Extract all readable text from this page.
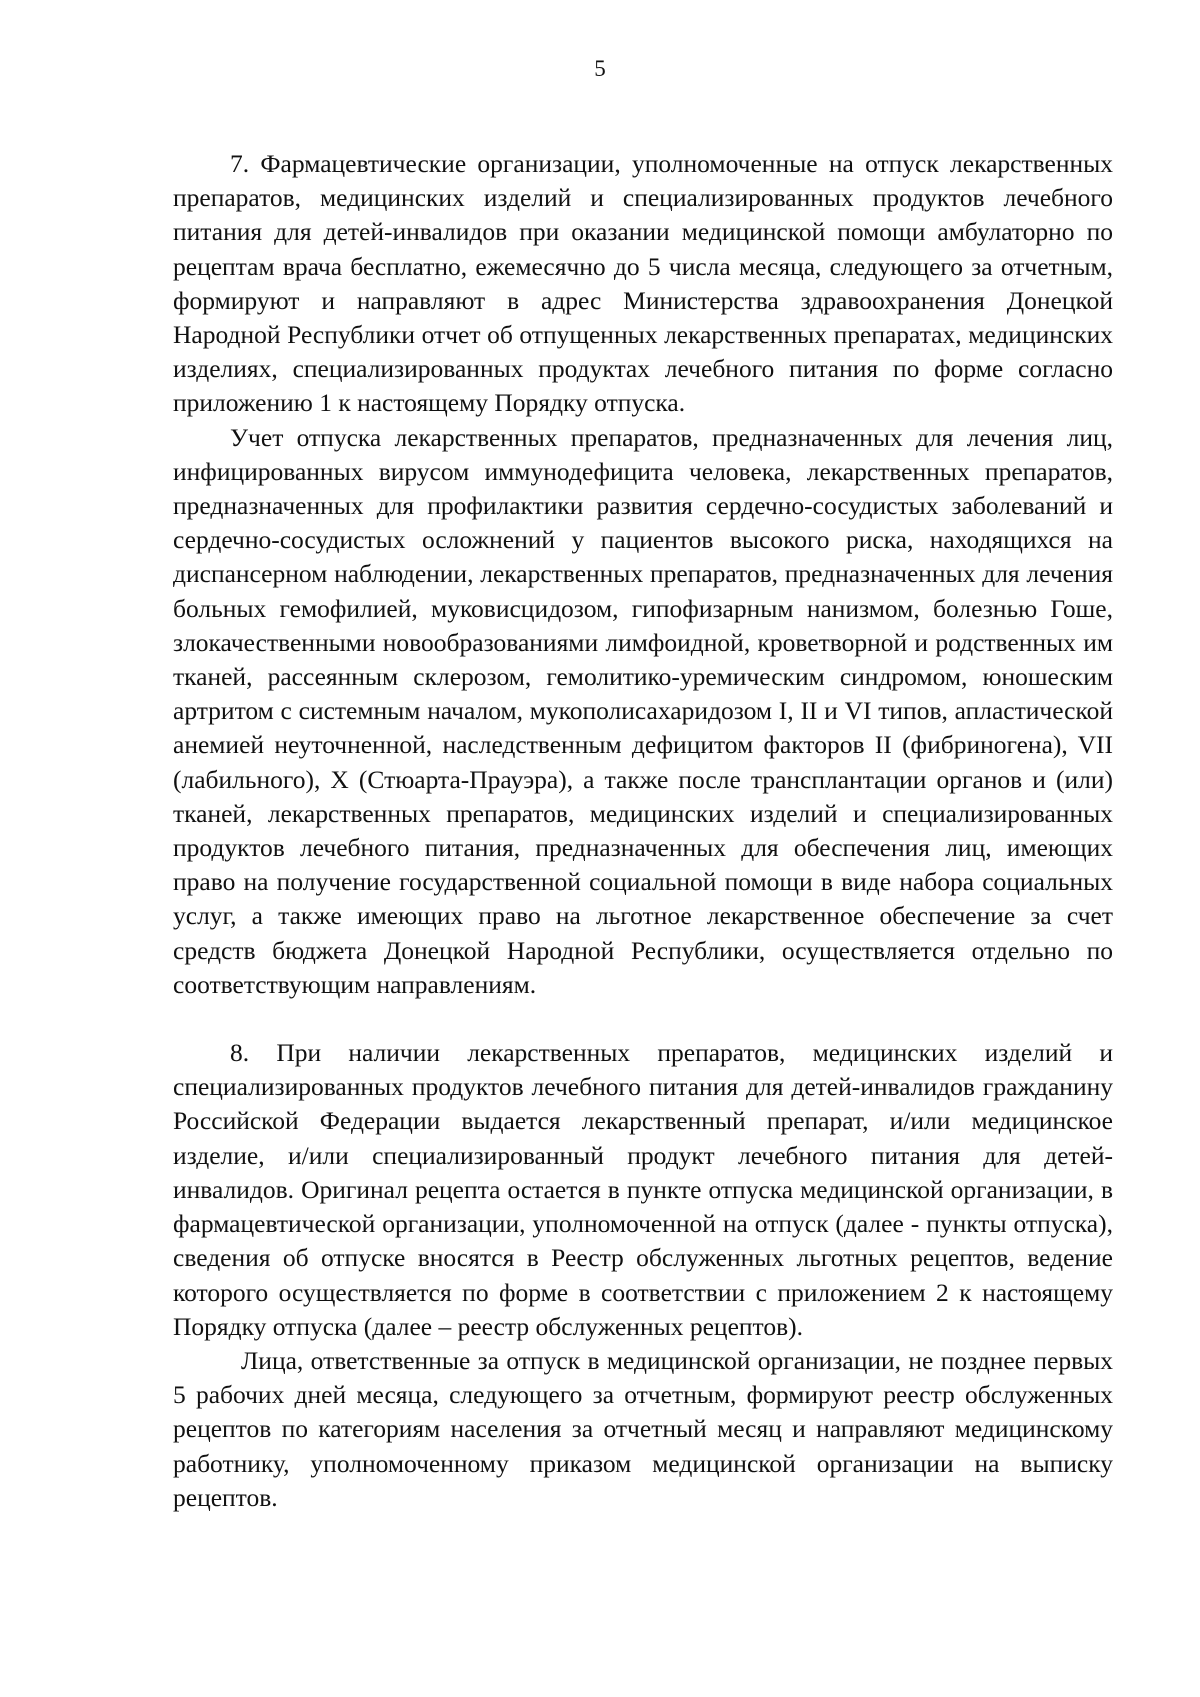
5

7. Фармацевтические организации, уполномоченные на отпуск лекарственных препаратов, медицинских изделий и специализированных продуктов лечебного питания для детей-инвалидов при оказании медицинской помощи амбулаторно по рецептам врача бесплатно, ежемесячно до 5 числа месяца, следующего за отчетным, формируют и направляют в адрес Министерства здравоохранения Донецкой Народной Республики отчет об отпущенных лекарственных препаратах, медицинских изделиях, специализированных продуктах лечебного питания по форме согласно приложению 1 к настоящему Порядку отпуска.

Учет отпуска лекарственных препаратов, предназначенных для лечения лиц, инфицированных вирусом иммунодефицита человека, лекарственных препаратов, предназначенных для профилактики развития сердечно-сосудистых заболеваний и сердечно-сосудистых осложнений у пациентов высокого риска, находящихся на диспансерном наблюдении, лекарственных препаратов, предназначенных для лечения больных гемофилией, муковисцидозом, гипофизарным нанизмом, болезнью Гоше, злокачественными новообразованиями лимфоидной, кроветворной и родственных им тканей, рассеянным склерозом, гемолитико-уремическим синдромом, юношеским артритом с системным началом, мукополисахаридозом I, II и VI типов, апластической анемией неуточненной, наследственным дефицитом факторов II (фибриногена), VII (лабильного), X (Стюарта-Прауэра), а также после трансплантации органов и (или) тканей, лекарственных препаратов, медицинских изделий и специализированных продуктов лечебного питания, предназначенных для обеспечения лиц, имеющих право на получение государственной социальной помощи в виде набора социальных услуг, а также имеющих право на льготное лекарственное обеспечение за счет средств бюджета Донецкой Народной Республики, осуществляется отдельно по соответствующим направлениям.

8. При наличии лекарственных препаратов, медицинских изделий и специализированных продуктов лечебного питания для детей-инвалидов гражданину Российской Федерации выдается лекарственный препарат, и/или медицинское изделие, и/или специализированный продукт лечебного питания для детей-инвалидов. Оригинал рецепта остается в пункте отпуска медицинской организации, в фармацевтической организации, уполномоченной на отпуск (далее - пункты отпуска), сведения об отпуске вносятся в Реестр обслуженных льготных рецептов, ведение которого осуществляется по форме в соответствии с приложением 2 к настоящему Порядку отпуска (далее – реестр обслуженных рецептов).

Лица, ответственные за отпуск в медицинской организации, не позднее первых 5 рабочих дней месяца, следующего за отчетным, формируют реестр обслуженных рецептов по категориям населения за отчетный месяц и направляют медицинскому работнику, уполномоченному приказом медицинской организации на выписку рецептов.
